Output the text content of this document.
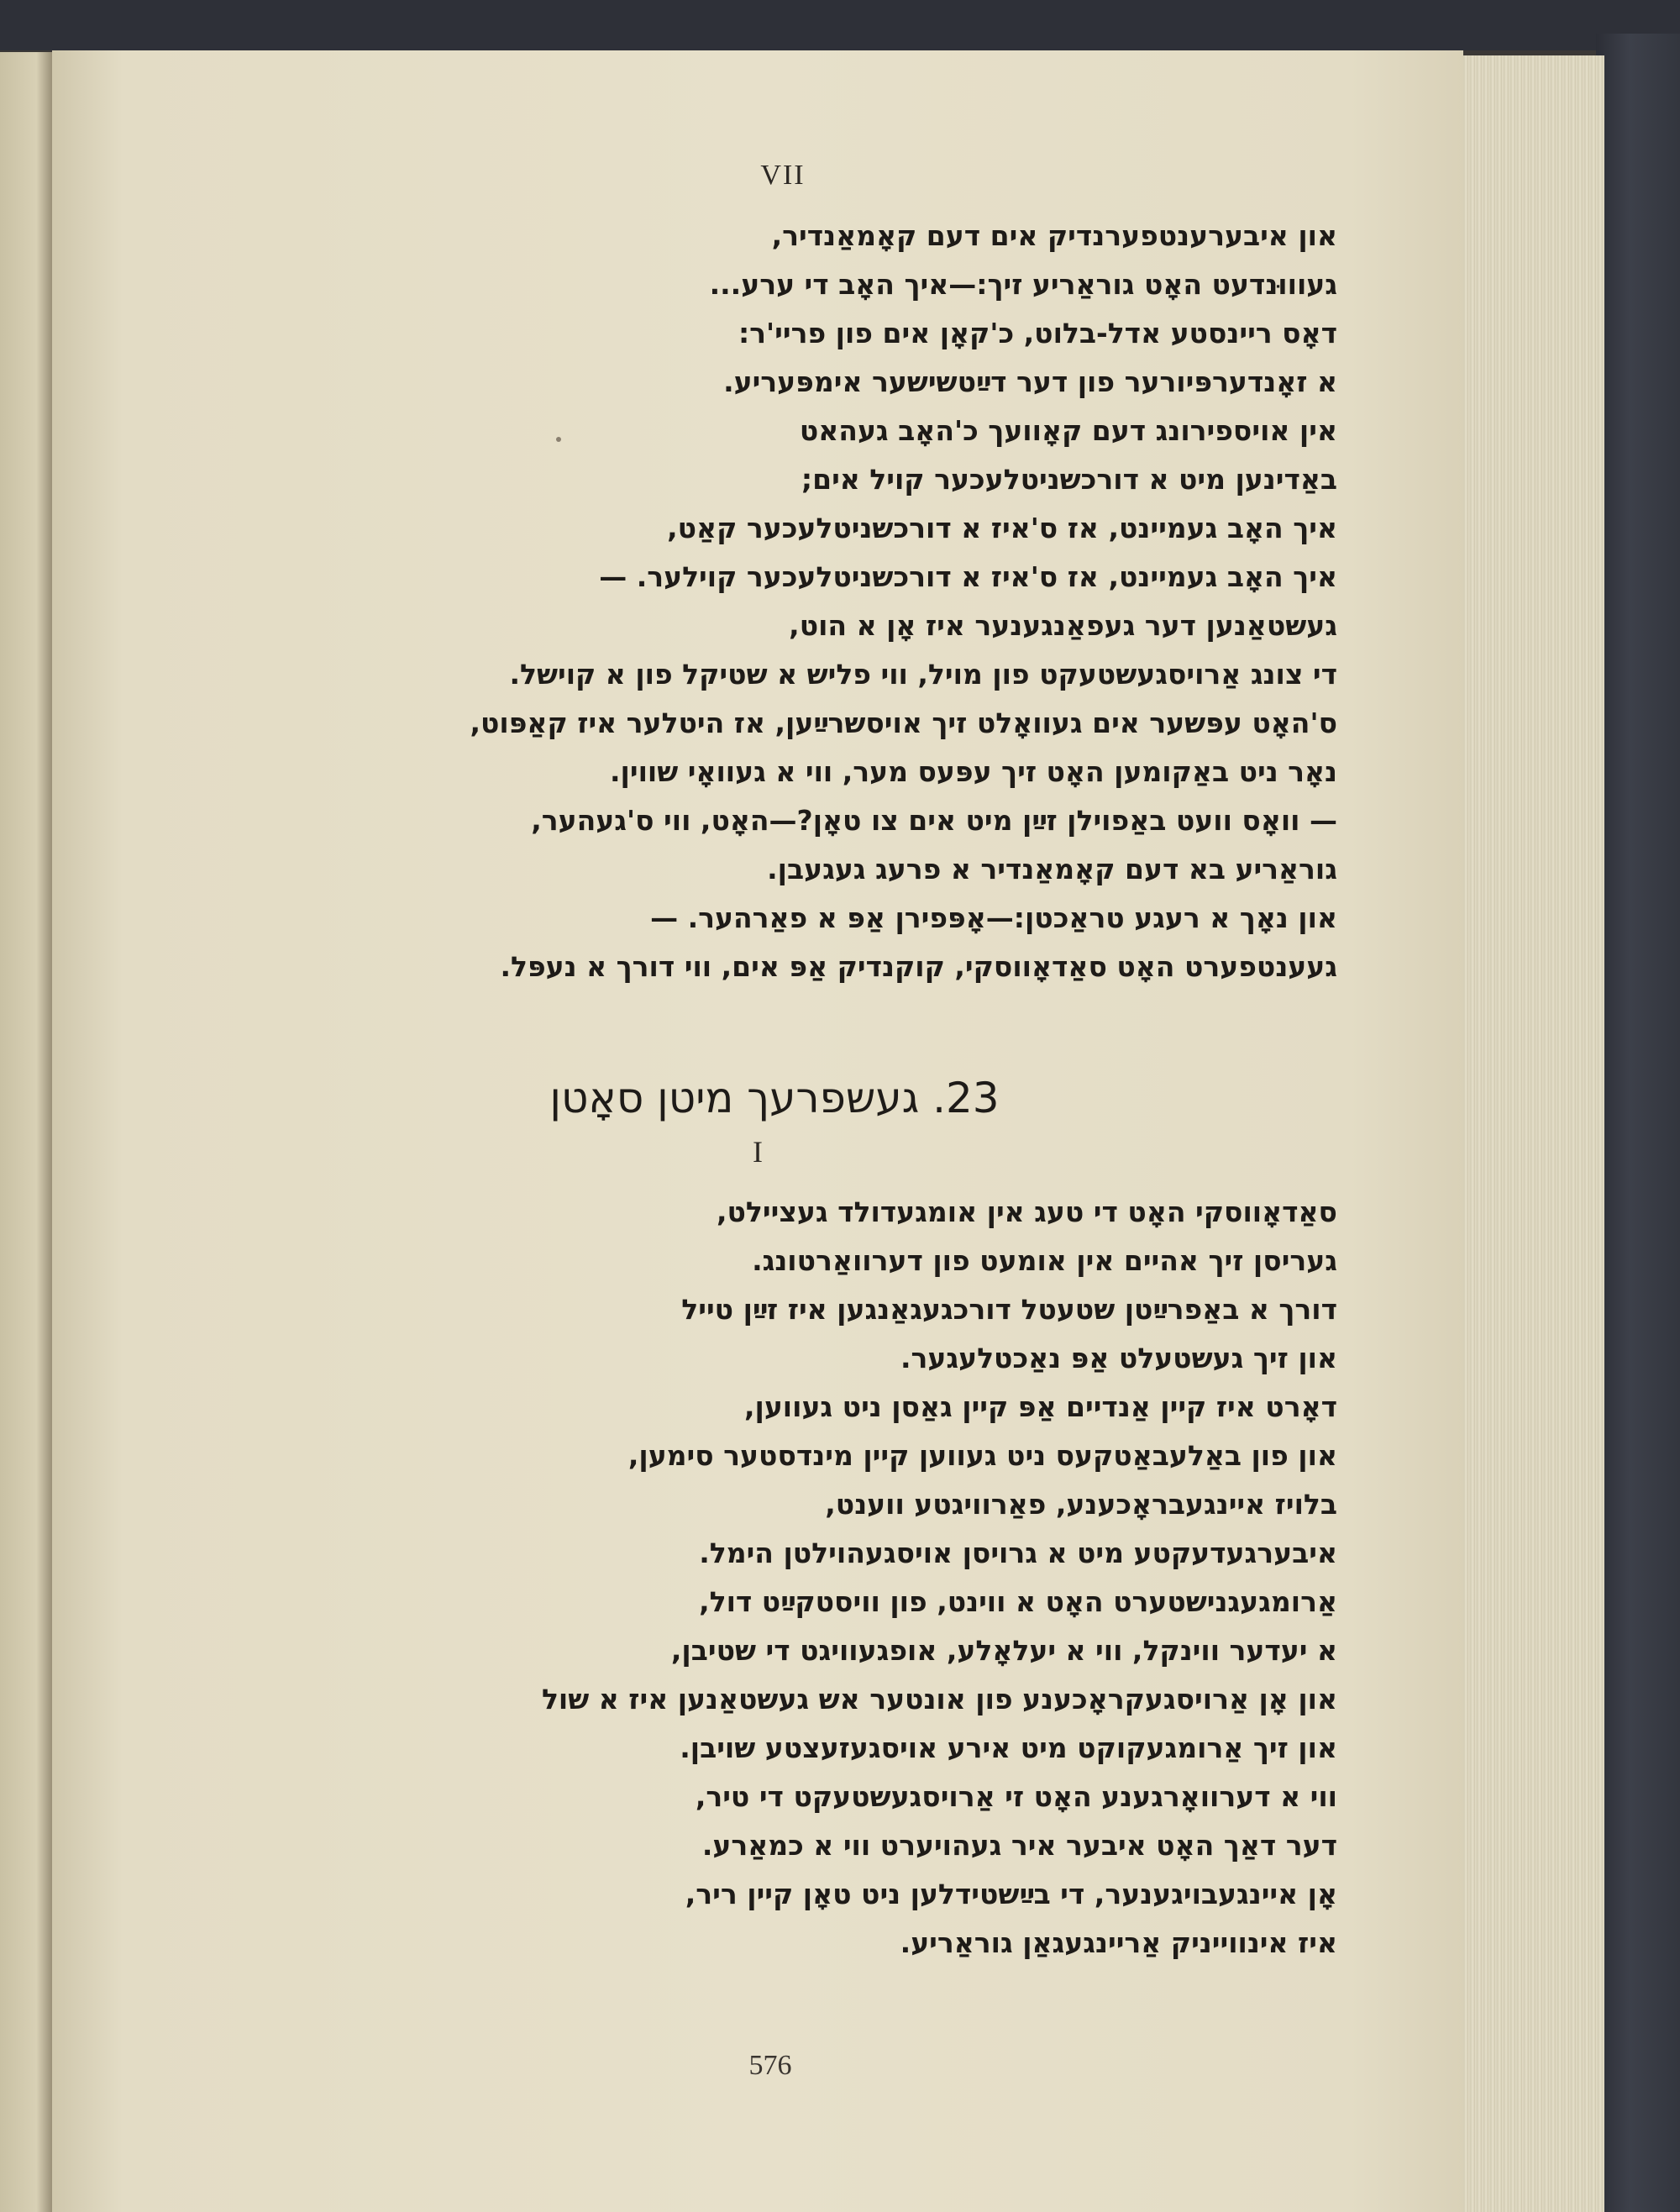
VII
און איבערענטפערנדיק אים דעם קאָמאַנדיר,
געוווּנדעט האָט גוראַריע זיך:—איך האָב די ערע...
דאָס ריינסטע אדל-בלוט, כ'קאָן אים פון פריי'ר:
א זאָנדערפּיורער פון דער דײַטשישער אימפּעריע.
אין אויספירונג דעם קאָוועך כ'האָב געהאט
באַדינען מיט א דורכשניטלעכער קויל אים;
איך האָב געמיינט, אז ס'איז א דורכשניטלעכער קאַט,
איך האָב געמיינט, אז ס'איז א דורכשניטלעכער קוילער. —
געשטאַנען דער געפאַנגענער איז אָן א הוט,
די צונג אַרויסגעשטעקט פון מויל, ווי פליש א שטיקל פון א קוישל.
ס'האָט עפּשער אים געוואָלט זיך אויסשרײַען, אז היטלער איז קאַפּוט,
נאָר ניט באַקומען האָט זיך עפּעס מער, ווי א געוואָי שווין.
— וואָס וועט באַפוילן זײַן מיט אים צו טאָן?—האָט, ווי ס'געהער,
גוראַריע בא דעם קאָמאַנדיר א פרעג געגעבן.
און נאָך א רעגע טראַכטן:—אָפּפירן אַפּ א פאַרהער. —
געענטפערט האָט סאַדאָווסקי, קוקנדיק אַפּ אים, ווי דורך א נעפּל.
23. געשפרעך מיטן סאָטן
I
סאַדאָווסקי האָט די טעג אין אומגעדולד געציילט,
געריסן זיך אהיים אין אומעט פון דערוואַרטונג.
דורך א באַפרײַטן שטעטל דורכגעגאַנגען איז זײַן טייל
און זיך געשטעלט אַפּ נאַכטלעגער.
דאָרט איז קיין אַנדיים אַפּ קיין גאַסן ניט געווען,
און פון באַלעבאַטקעס ניט געווען קיין מינדסטער סימען,
בלויז איינגעבראָכענע, פאַרוויגטע ווענט,
איבערגעדעקטע מיט א גרויסן אויסגעהוילטן הימל.
אַרומגעגנישטערט האָט א ווינט, פון וויסטקײַט דול,
א יעדער ווינקל, ווי א יעלאָלע, אופגעוויגט די שטיבן,
און אָן אַרויסגעקראָכענע פון אונטער אש געשטאַנען איז א שול
און זיך אַרומגעקוקט מיט אירע אויסגעזעצטע שויבן.
ווי א דערוואָרגענע האָט זי אַרויסגעשטעקט די טיר,
דער דאַך האָט איבער איר געהויערט ווי א כמאַרע.
אָן איינגעבויגענער, די בײַשטידלען ניט טאָן קיין ריר,
איז אינווייניק אַריינגעגאַן גוראַריע.
576
